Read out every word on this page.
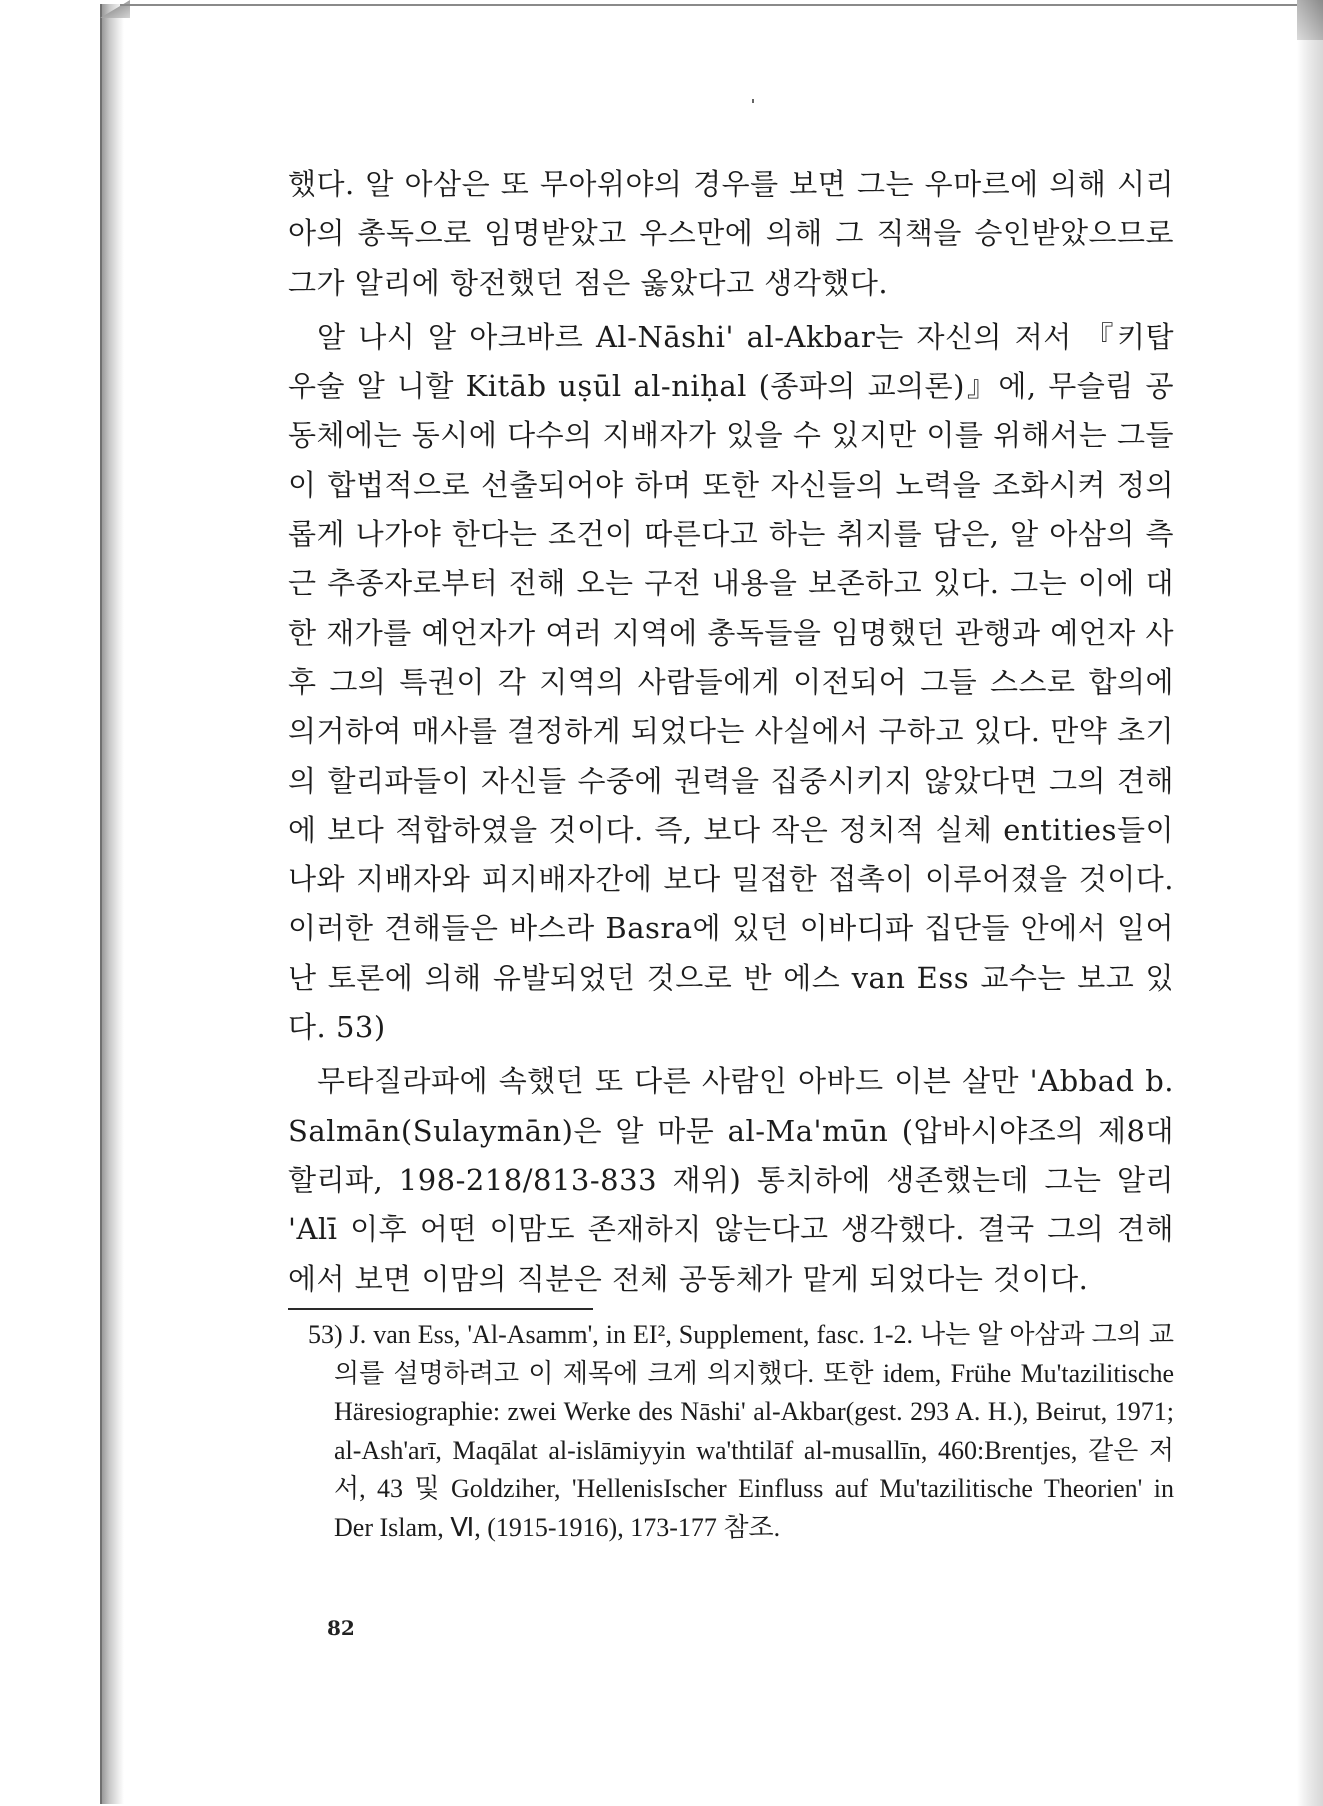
했다. 알 아삼은 또 무아위야의 경우를 보면 그는 우마르에 의해 시리아의 총독으로 임명받았고 우스만에 의해 그 직책을 승인받았으므로 그가 알리에 항전했던 점은 옳았다고 생각했다.

알 나시 알 아크바르 Al-Nāshi' al-Akbar는 자신의 저서 『키탑 우술 알 니할 Kitāb uṣūl al-niḥal (종파의 교의론)』에, 무슬림 공동체에는 동시에 다수의 지배자가 있을 수 있지만 이를 위해서는 그들이 합법적으로 선출되어야 하며 또한 자신들의 노력을 조화시켜 정의롭게 나가야 한다는 조건이 따른다고 하는 취지를 담은, 알 아삼의 측근 추종자로부터 전해 오는 구전 내용을 보존하고 있다. 그는 이에 대한 재가를 예언자가 여러 지역에 총독들을 임명했던 관행과 예언자 사후 그의 특권이 각 지역의 사람들에게 이전되어 그들 스스로 합의에 의거하여 매사를 결정하게 되었다는 사실에서 구하고 있다. 만약 초기의 할리파들이 자신들 수중에 권력을 집중시키지 않았다면 그의 견해에 보다 적합하였을 것이다. 즉, 보다 작은 정치적 실체 entities들이 나와 지배자와 피지배자간에 보다 밀접한 접촉이 이루어졌을 것이다. 이러한 견해들은 바스라 Basra에 있던 이바디파 집단들 안에서 일어난 토론에 의해 유발되었던 것으로 반 에스 van Ess 교수는 보고 있다. 53)

무타질라파에 속했던 또 다른 사람인 아바드 이븐 살만 'Abbad b. Salmān(Sulaymān)은 알 마문 al-Ma'mūn (압바시야조의 제8대 할리파, 198-218/813-833 재위) 통치하에 생존했는데 그는 알리 'Alī 이후 어떤 이맘도 존재하지 않는다고 생각했다. 결국 그의 견해에서 보면 이맘의 직분은 전체 공동체가 맡게 되었다는 것이다.

53) J. van Ess, 'Al-Asamm', in EI², Supplement, fasc. 1-2. 나는 알 아삼과 그의 교의를 설명하려고 이 제목에 크게 의지했다. 또한 idem, Frühe Mu'tazilitische Häresiographie: zwei Werke des Nāshi' al-Akbar(gest. 293 A. H.), Beirut, 1971; al-Ash'arī, Maqālat al-islāmiyyin wa'thtilāf al-musallīn, 460:Brentjes, 같은 저서, 43 및 Goldziher, 'HellenisIscher Einfluss auf Mu'tazilitische Theorien' in Der Islam, Ⅵ, (1915-1916), 173-177 참조.

82
